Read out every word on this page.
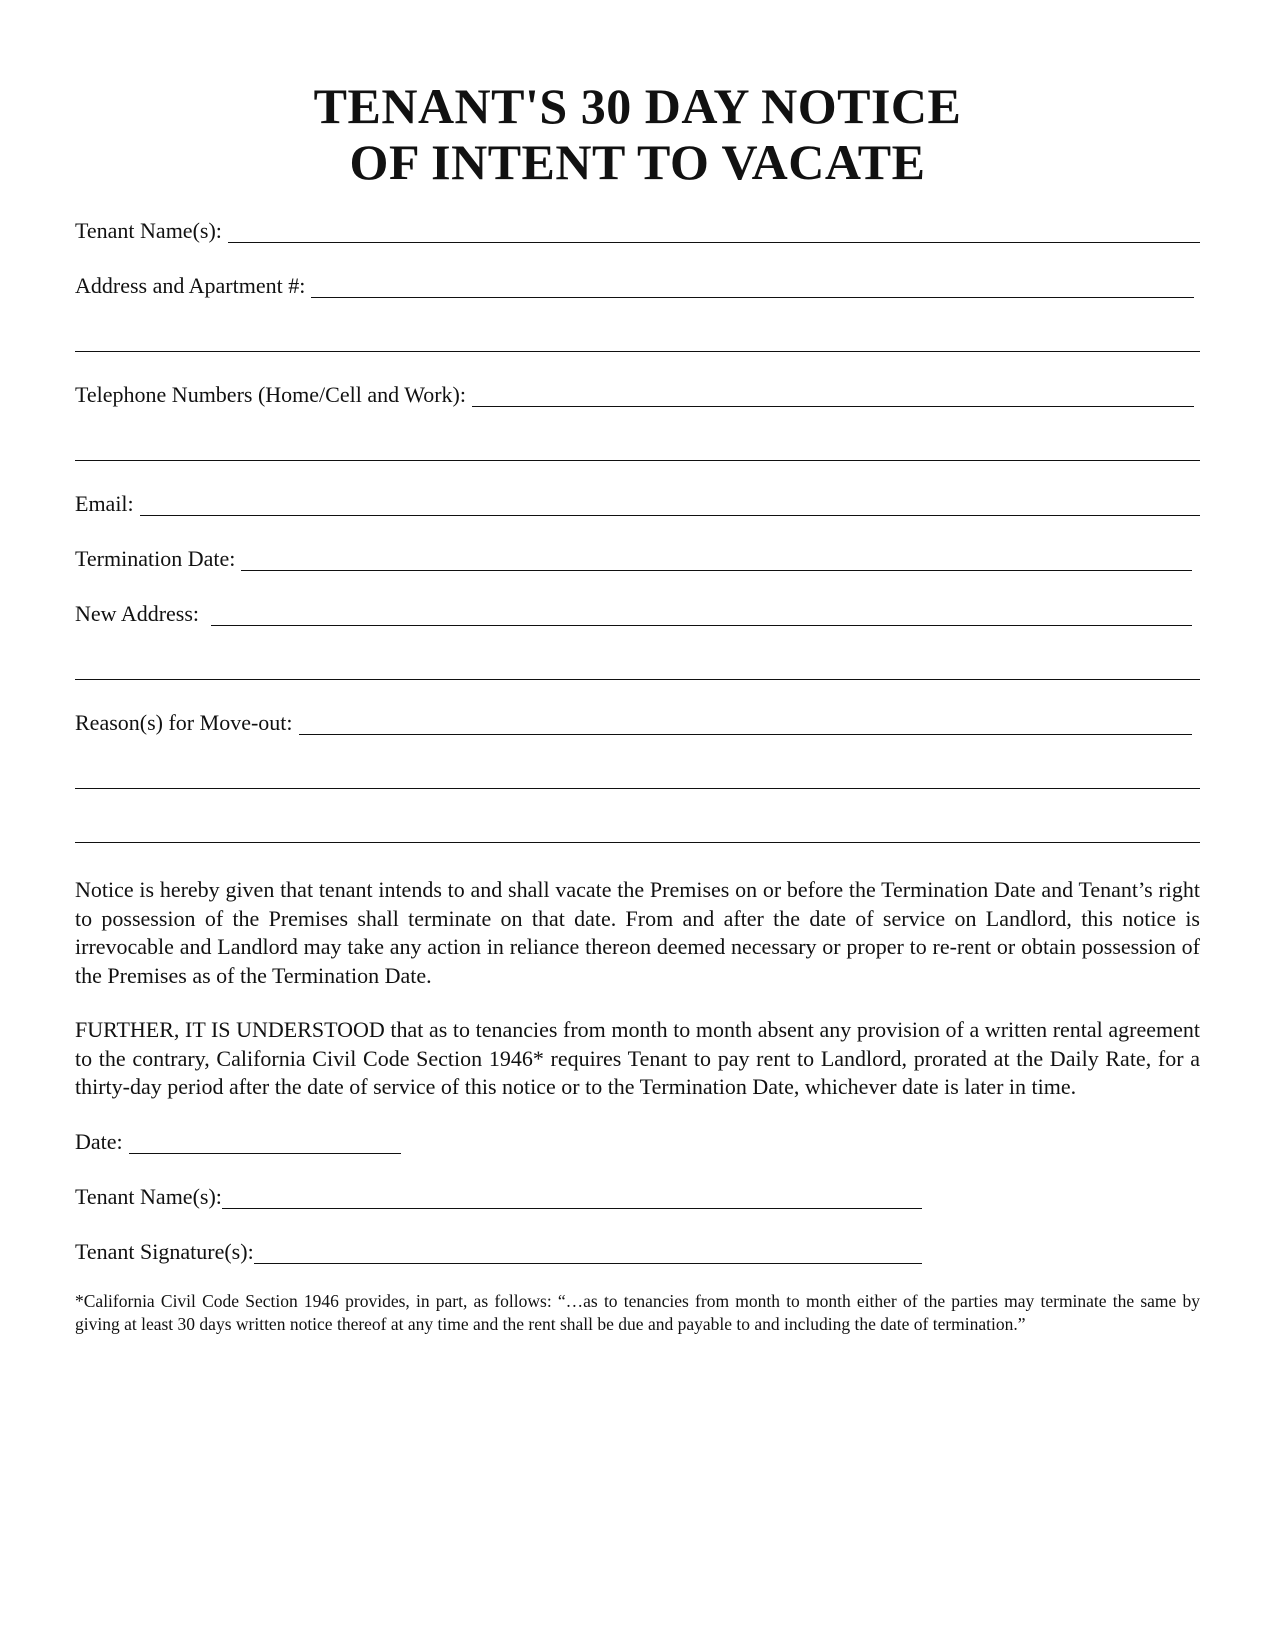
TENANT'S 30 DAY NOTICE
OF INTENT TO VACATE
Tenant Name(s):
Address and Apartment #:
Telephone Numbers (Home/Cell and Work):
Email:
Termination Date:
New Address:
Reason(s) for Move-out:

Notice is hereby given that tenant intends to and shall vacate the Premises on or before the Termination Date and Tenant’s right to possession of the Premises shall terminate on that date. From and after the date of service on Landlord, this notice is irrevocable and Landlord may take any action in reliance thereon deemed necessary or proper to re-rent or obtain possession of the Premises as of the Termination Date.

FURTHER, IT IS UNDERSTOOD that as to tenancies from month to month absent any provision of a written rental agreement to the contrary, California Civil Code Section 1946* requires Tenant to pay rent to Landlord, prorated at the Daily Rate, for a thirty-day period after the date of service of this notice or to the Termination Date, whichever date is later in time.

Date:
Tenant Name(s):
Tenant Signature(s):

*California Civil Code Section 1946 provides, in part, as follows: “…as to tenancies from month to month either of the parties may terminate the same by giving at least 30 days written notice thereof at any time and the rent shall be due and payable to and including the date of termination.”
